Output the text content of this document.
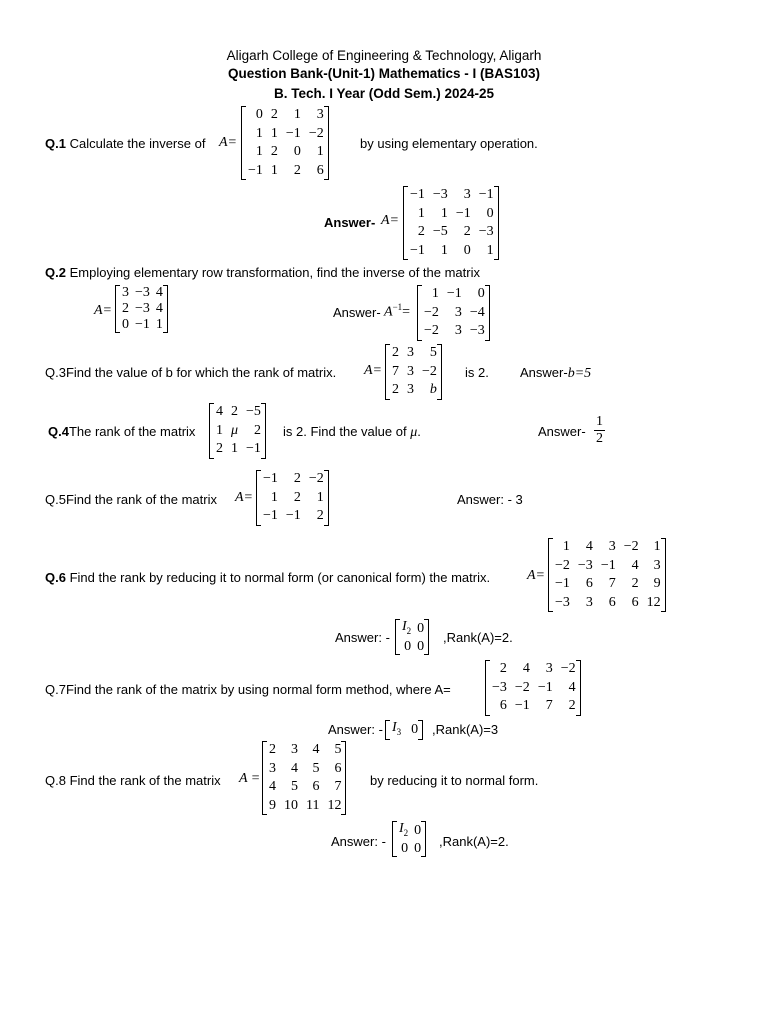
Aligarh College of Engineering & Technology, Aligarh
Question Bank-(Unit-1) Mathematics - I (BAS103)
B. Tech. I Year (Odd Sem.) 2024-25
Q.1 Calculate the inverse of A=
0	2	1	3
1	1	−1	−2
1	2	0	1
−1	1	2	6
by using elementary operation.
Answer- A=
−1	−3	3	−1
1	1	−1	0
2	−5	2	−3
−1	1	0	1
Q.2 Employing elementary row transformation, find the inverse of the matrix
A=
3	−3	4
2	−3	4
0	−1	1
Answer- $A^{-1}=$
1	−1	0
−2	3	−4
−2	3	−3
Q.3Find the value of b for which the rank of matrix. A=
2	3	5
7	3	−2
2	3	b
is 2. Answer-b=5
Q.4The rank of the matrix
4	2	−5
1	μ	2
2	1	−1
is 2. Find the value of μ.	Answer- $\frac{1}{2}$
Q.5Find the rank of the matrix A=
−1	2	−2
1	2	1
−1	−1	2
Answer: - 3
Q.6 Find the rank by reducing it to normal form (or canonical form) the matrix.	A=
1	4	3	−2	1
−2	−3	−1	4	3
−1	6	7	2	9
−3	3	6	6	12
Answer: -
$I_2$	0
0	0
,Rank(A)=2.
Q.7Find the rank of the matrix by using normal form method, where A=
2	4	3	−2
−3	−2	−1	4
6	−1	7	2
Answer: - $I_3$	0 ,Rank(A)=3
Q.8 Find the rank of the matrix A =
2	3	4	5
3	4	5	6
4	5	6	7
9	10	11	12
by reducing it to normal form.
Answer: -
$I_2$	0
0	0 ,Rank(A)=2.
